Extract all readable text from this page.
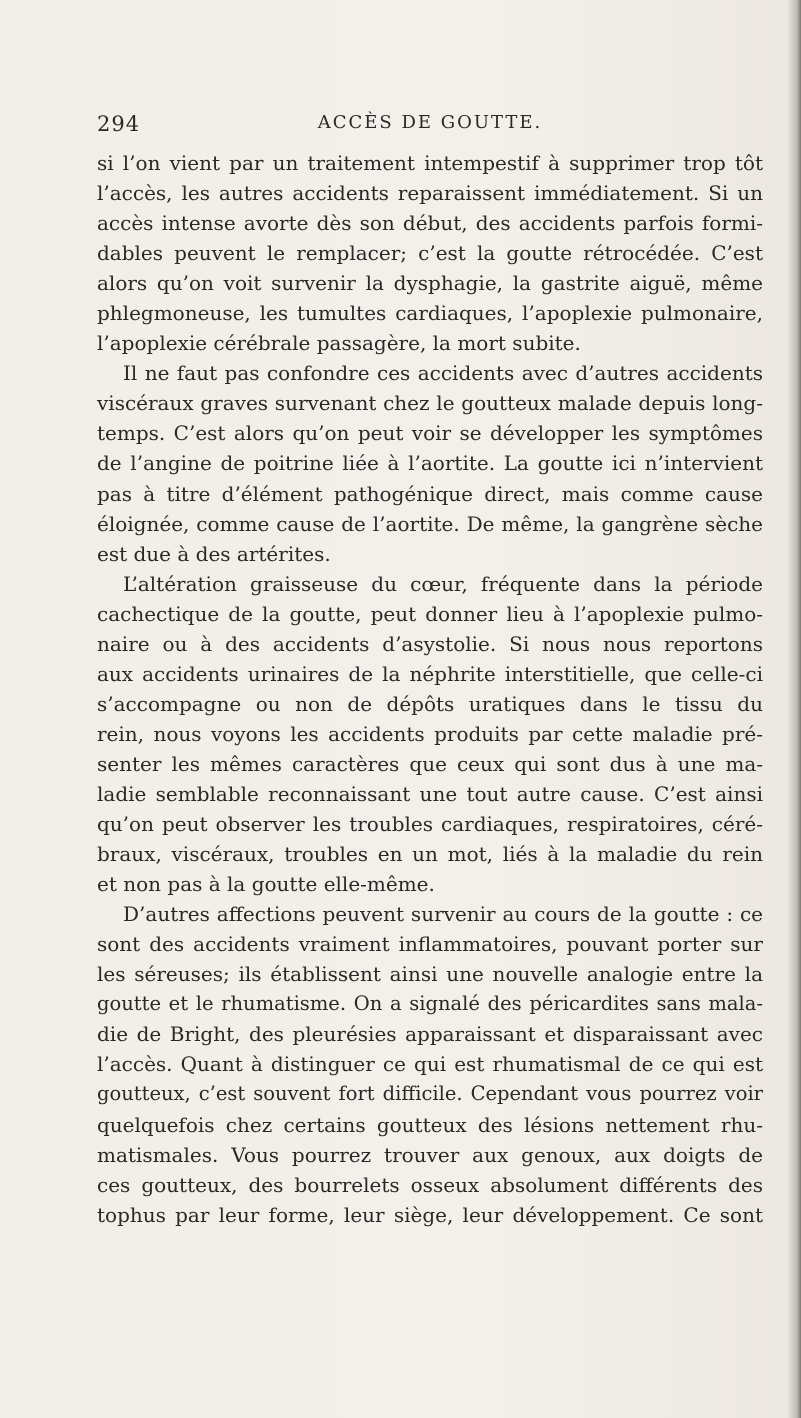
294	ACCÈS DE GOUTTE.
si l’on vient par un traitement intempestif à supprimer trop tôt
l’accès, les autres accidents reparaissent immédiatement. Si un
accès intense avorte dès son début, des accidents parfois formi-
dables peuvent le remplacer; c’est la goutte rétrocédée. C’est
alors qu’on voit survenir la dysphagie, la gastrite aiguë, même
phlegmoneuse, les tumultes cardiaques, l’apoplexie pulmonaire,
l’apoplexie cérébrale passagère, la mort subite.
Il ne faut pas confondre ces accidents avec d’autres accidents
viscéraux graves survenant chez le goutteux malade depuis long-
temps. C’est alors qu’on peut voir se développer les symptômes
de l’angine de poitrine liée à l’aortite. La goutte ici n’intervient
pas à titre d’élément pathogénique direct, mais comme cause
éloignée, comme cause de l’aortite. De même, la gangrène sèche
est due à des artérites.
L’altération graisseuse du cœur, fréquente dans la période
cachectique de la goutte, peut donner lieu à l’apoplexie pulmo-
naire ou à des accidents d’asystolie. Si nous nous reportons
aux accidents urinaires de la néphrite interstitielle, que celle-ci
s’accompagne ou non de dépôts uratiques dans le tissu du
rein, nous voyons les accidents produits par cette maladie pré-
senter les mêmes caractères que ceux qui sont dus à une ma-
ladie semblable reconnaissant une tout autre cause. C’est ainsi
qu’on peut observer les troubles cardiaques, respiratoires, céré-
braux, viscéraux, troubles en un mot, liés à la maladie du rein
et non pas à la goutte elle-même.
D’autres affections peuvent survenir au cours de la goutte : ce
sont des accidents vraiment inflammatoires, pouvant porter sur
les séreuses; ils établissent ainsi une nouvelle analogie entre la
goutte et le rhumatisme. On a signalé des péricardites sans mala-
die de Bright, des pleurésies apparaissant et disparaissant avec
l’accès. Quant à distinguer ce qui est rhumatismal de ce qui est
goutteux, c’est souvent fort difficile. Cependant vous pourrez voir
quelquefois chez certains goutteux des lésions nettement rhu-
matismales. Vous pourrez trouver aux genoux, aux doigts de
ces goutteux, des bourrelets osseux absolument différents des
tophus par leur forme, leur siège, leur développement. Ce sont
